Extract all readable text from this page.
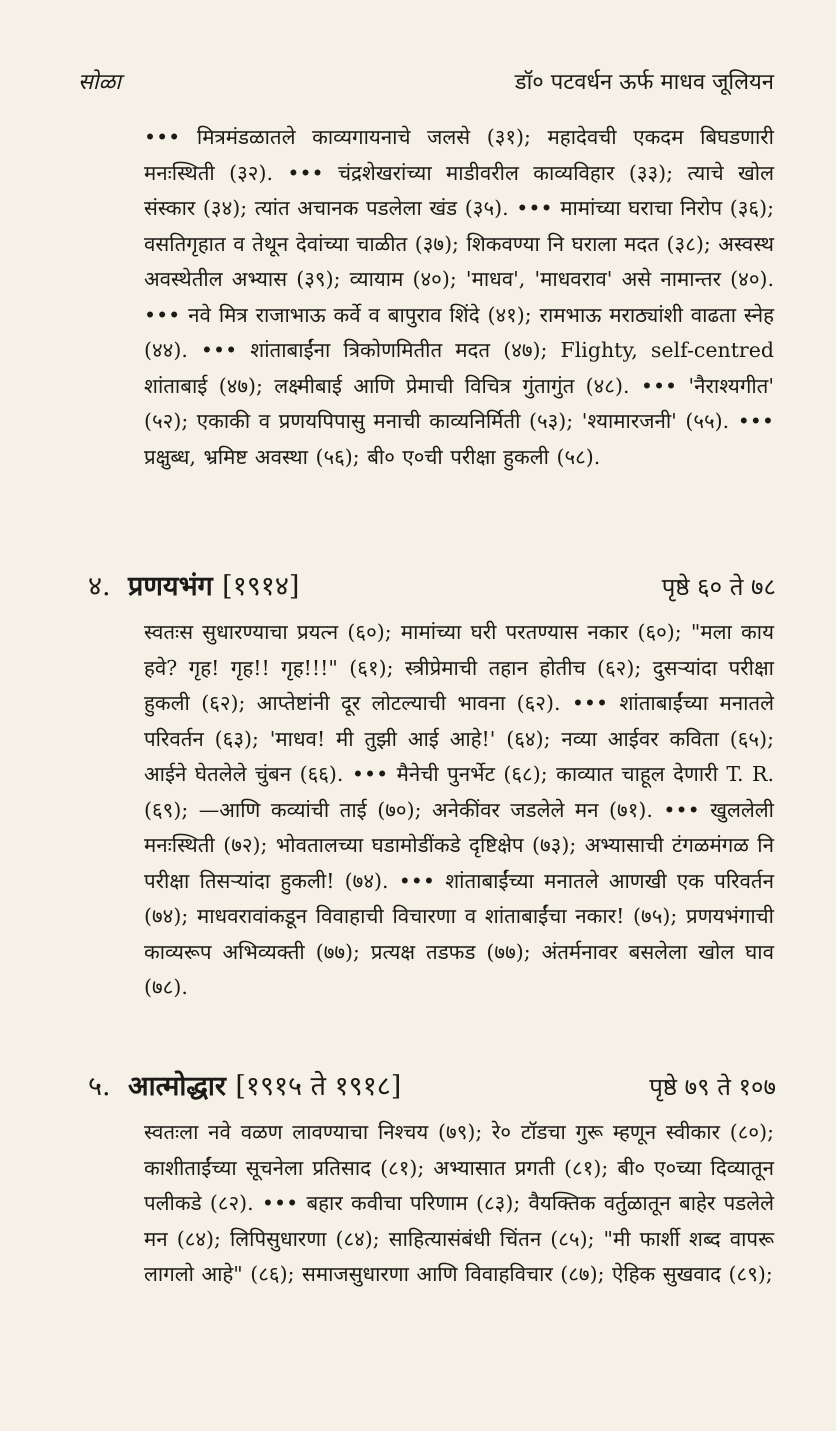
सोळा	डॉ० पटवर्धन ऊर्फ माधव जूलियन
••• मित्रमंडळातले काव्यगायनाचे जलसे (३१); महादेवची एकदम बिघडणारी मनःस्थिती (३२). ••• चंद्रशेखरांच्या माडीवरील काव्यविहार (३३); त्याचे खोल संस्कार (३४); त्यांत अचानक पडलेला खंड (३५). ••• मामांच्या घराचा निरोप (३६); वसतिगृहात व तेथून देवांच्या चाळीत (३७); शिकवण्या नि घराला मदत (३८); अस्वस्थ अवस्थेतील अभ्यास (३९); व्यायाम (४०); 'माधव', 'माधवराव' असे नामान्तर (४०). ••• नवे मित्र राजाभाऊ कर्वे व बापुराव शिंदे (४१); रामभाऊ मराठ्यांशी वाढता स्नेह (४४). ••• शांताबाईंना त्रिकोणमितीत मदत (४७); Flighty, self-centred शांताबाई (४७); लक्ष्मीबाई आणि प्रेमाची विचित्र गुंतागुंत (४८). ••• 'नैराश्यगीत' (५२); एकाकी व प्रणयपिपासु मनाची काव्यनिर्मिती (५३); 'श्यामारजनी' (५५). ••• प्रक्षुब्ध, भ्रमिष्ट अवस्था (५६); बी० ए०ची परीक्षा हुकली (५८).
४. प्रणयभंग [१९१४]	पृष्ठे ६० ते ७८
स्वतःस सुधारण्याचा प्रयत्न (६०); मामांच्या घरी परतण्यास नकार (६०); "मला काय हवे? गृह! गृह!! गृह!!!" (६१); स्त्रीप्रेमाची तहान होतीच (६२); दुसऱ्यांदा परीक्षा हुकली (६२); आप्तेष्टांनी दूर लोटल्याची भावना (६२). ••• शांताबाईंच्या मनातले परिवर्तन (६३); 'माधव! मी तुझी आई आहे!' (६४); नव्या आईवर कविता (६५); आईने घेतलेले चुंबन (६६). ••• मैनेची पुनर्भेट (६८); काव्यात चाहूल देणारी T. R. (६९); —आणि कव्यांची ताई (७०); अनेकींवर जडलेले मन (७१). ••• खुललेली मनःस्थिती (७२); भोवतालच्या घडामोडींकडे दृष्टिक्षेप (७३); अभ्यासाची टंगळमंगळ नि परीक्षा तिसऱ्यांदा हुकली! (७४). ••• शांताबाईंच्या मनातले आणखी एक परिवर्तन (७४); माधवरावांकडून विवाहाची विचारणा व शांताबाईंचा नकार! (७५); प्रणयभंगाची काव्यरूप अभिव्यक्ती (७७); प्रत्यक्ष तडफड (७७); अंतर्मनावर बसलेला खोल घाव (७८).
५. आत्मोद्धार [१९१५ ते १९१८]	पृष्ठे ७९ ते १०७
स्वतःला नवे वळण लावण्याचा निश्चय (७९); रे० टॉडचा गुरू म्हणून स्वीकार (८०); काशीताईंच्या सूचनेला प्रतिसाद (८१); अभ्यासात प्रगती (८१); बी० ए०च्या दिव्यातून पलीकडे (८२). ••• बहार कवीचा परिणाम (८३); वैयक्तिक वर्तुळातून बाहेर पडलेले मन (८४); लिपिसुधारणा (८४); साहित्यासंबंधी चिंतन (८५); "मी फार्शी शब्द वापरू लागलो आहे" (८६); समाजसुधारणा आणि विवाहविचार (८७); ऐहिक सुखवाद (८९);
